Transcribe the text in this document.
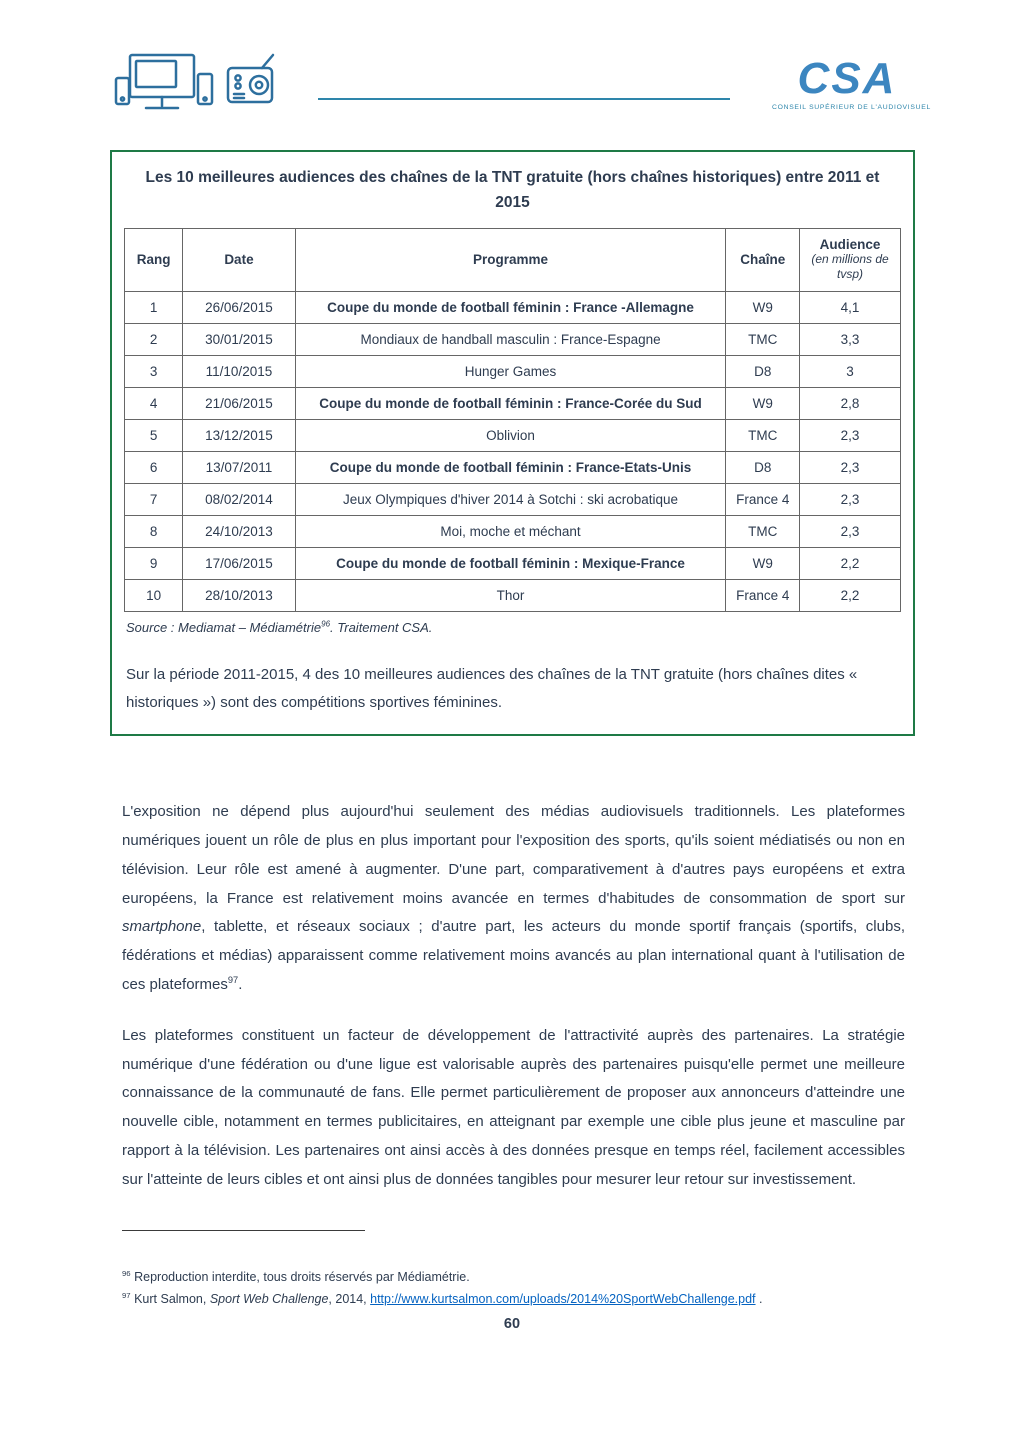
CSA
CONSEIL SUPÉRIEUR DE L'AUDIOVISUEL
Les 10 meilleures audiences des chaînes de la TNT gratuite (hors chaînes historiques) entre 2011 et 2015
Rang	Date	Programme	Chaîne	Audience
(en millions de tvsp)

1	26/06/2015	Coupe du monde de football féminin : France -Allemagne	W9	4,1
2	30/01/2015	Mondiaux de handball masculin : France-Espagne	TMC	3,3
3	11/10/2015	Hunger Games	D8	3
4	21/06/2015	Coupe du monde de football féminin : France-Corée du Sud	W9	2,8
5	13/12/2015	Oblivion	TMC	2,3
6	13/07/2011	Coupe du monde de football féminin : France-Etats-Unis	D8	2,3
7	08/02/2014	Jeux Olympiques d'hiver 2014 à Sotchi : ski acrobatique	France 4	2,3
8	24/10/2013	Moi, moche et méchant	TMC	2,3
9	17/06/2015	Coupe du monde de football féminin : Mexique-France	W9	2,2
10	28/10/2013	Thor	France 4	2,2
Source : Mediamat – Médiamétrie$^{96}$. Traitement CSA.
Sur la période 2011-2015, 4 des 10 meilleures audiences des chaînes de la TNT gratuite (hors chaînes dites « historiques ») sont des compétitions sportives féminines.

L'exposition ne dépend plus aujourd'hui seulement des médias audiovisuels traditionnels. Les plateformes numériques jouent un rôle de plus en plus important pour l'exposition des sports, qu'ils soient médiatisés ou non en télévision. Leur rôle est amené à augmenter. D'une part, comparativement à d'autres pays européens et extra européens, la France est relativement moins avancée en termes d'habitudes de consommation de sport sur smartphone, tablette, et réseaux sociaux ; d'autre part, les acteurs du monde sportif français (sportifs, clubs, fédérations et médias) apparaissent comme relativement moins avancés au plan international quant à l'utilisation de ces plateformes$^{97}$.

Les plateformes constituent un facteur de développement de l'attractivité auprès des partenaires. La stratégie numérique d'une fédération ou d'une ligue est valorisable auprès des partenaires puisqu'elle permet une meilleure connaissance de la communauté de fans. Elle permet particulièrement de proposer aux annonceurs d'atteindre une nouvelle cible, notamment en termes publicitaires, en atteignant par exemple une cible plus jeune et masculine par rapport à la télévision. Les partenaires ont ainsi accès à des données presque en temps réel, facilement accessibles sur l'atteinte de leurs cibles et ont ainsi plus de données tangibles pour mesurer leur retour sur investissement.

$^{96}$ Reproduction interdite, tous droits réservés par Médiamétrie.
$^{97}$ Kurt Salmon, Sport Web Challenge, 2014, http://www.kurtsalmon.com/uploads/2014%20SportWebChallenge.pdf .
60
